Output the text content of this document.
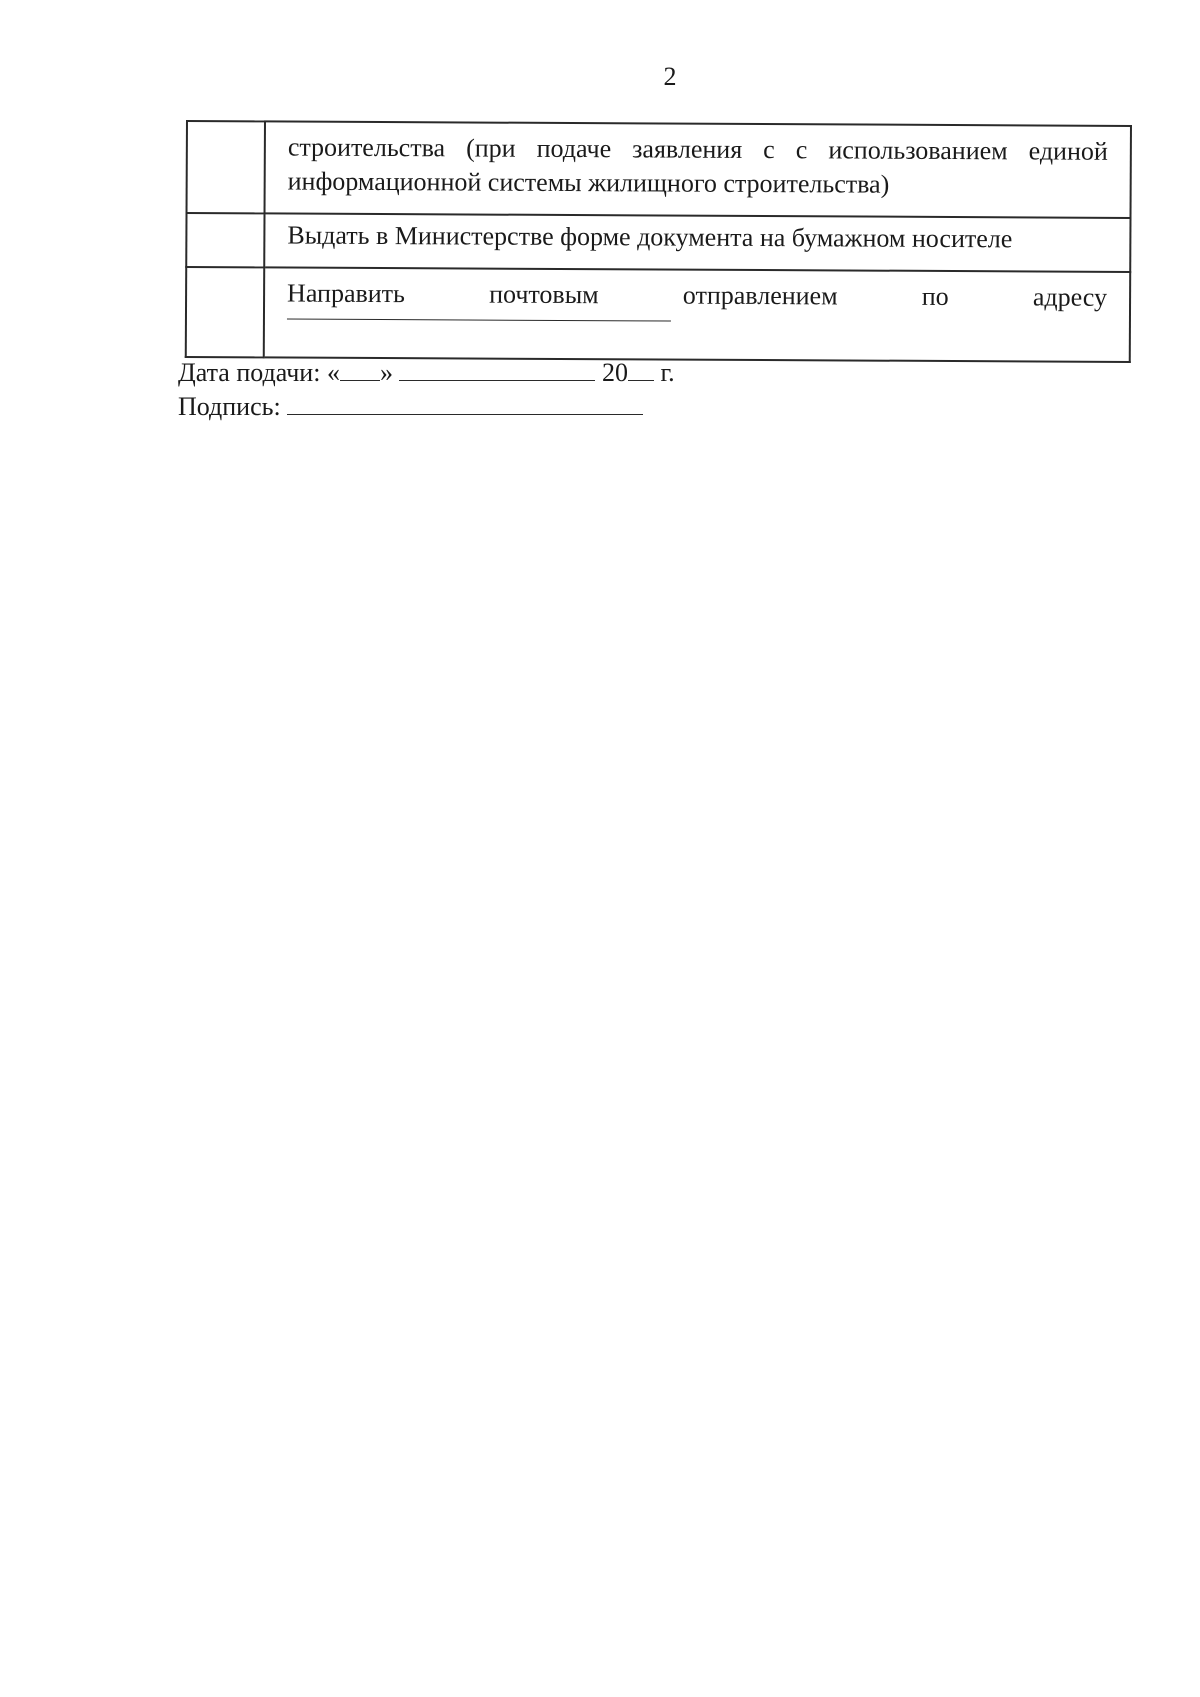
2

	строительства (при подаче заявления с с использованием единой
информационной системы жилищного строительства)

	Выдать в Министерстве форме документа на бумажном носителе

	Направить почтовым отправлением по адресу
Дата подачи: « »	20 г.
Подпись:
